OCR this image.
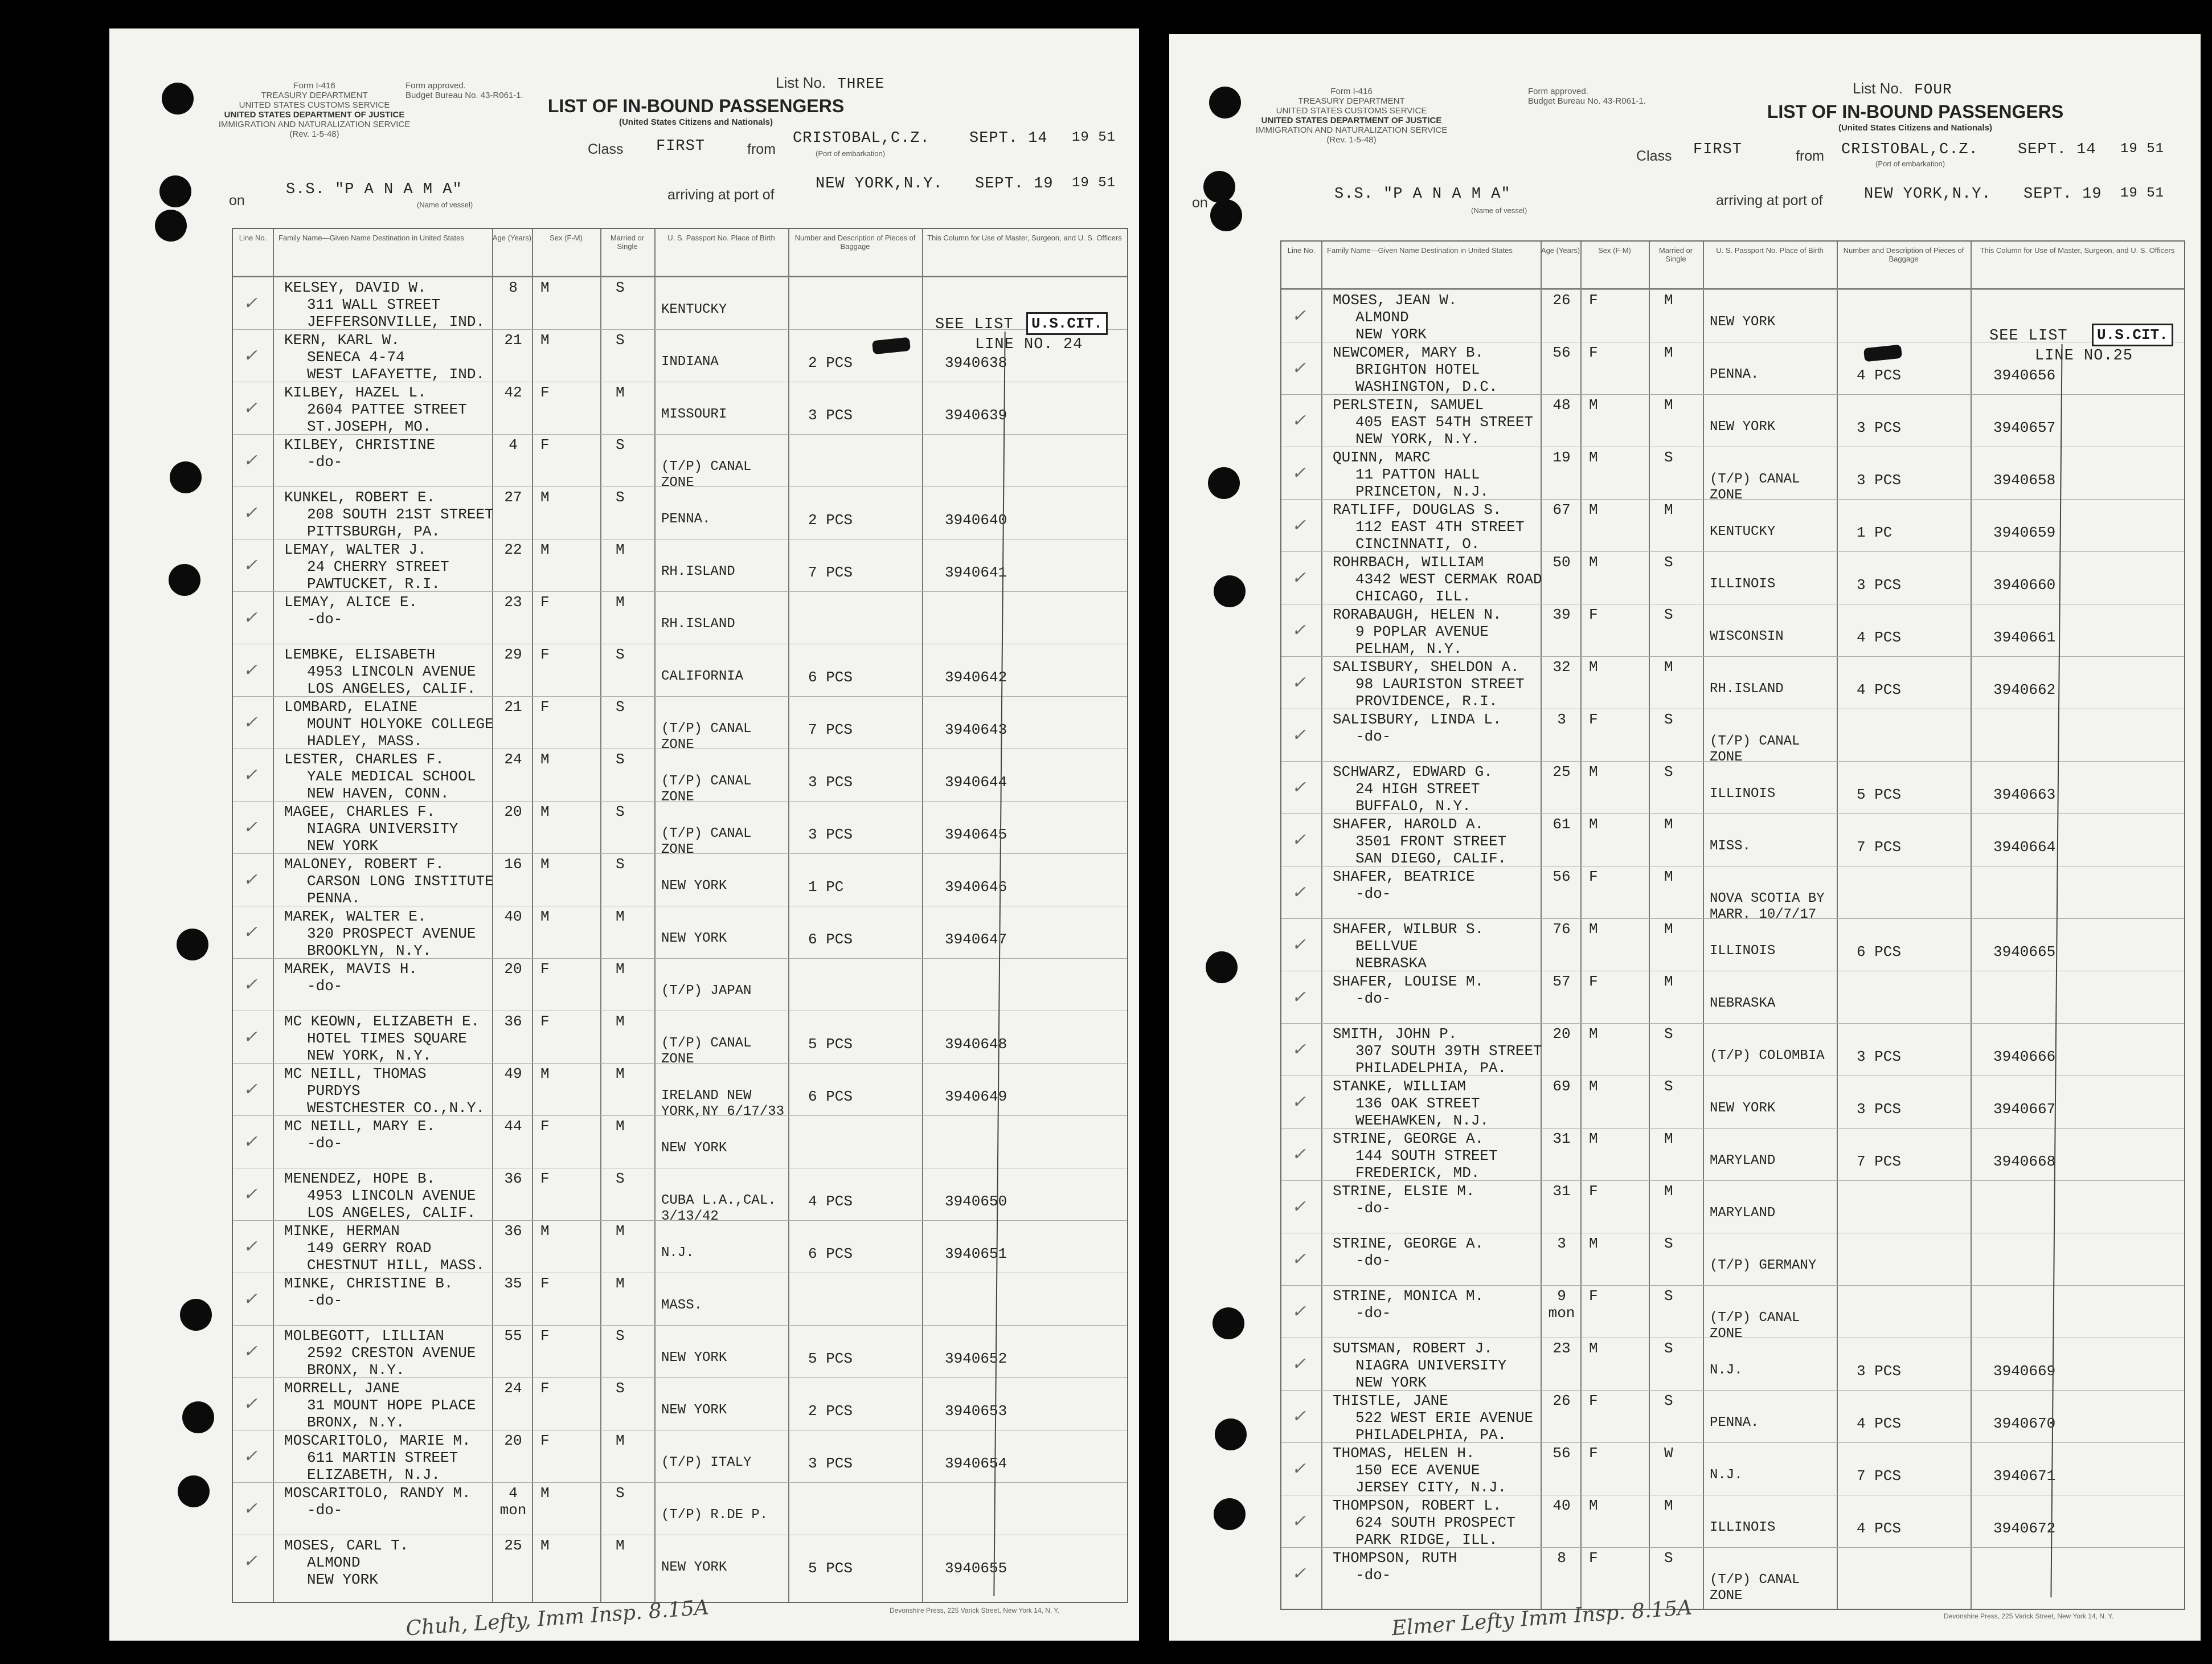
Form I-416
TREASURY DEPARTMENT
UNITED STATES CUSTOMS SERVICE
UNITED STATES DEPARTMENT OF JUSTICE
IMMIGRATION AND NATURALIZATION SERVICE
(Rev. 1-5-48)
Form approved.
Budget Bureau No. 43-R061-1.
List No. THREE
LIST OF IN-BOUND PASSENGERS
(United States Citizens and Nationals)
Class FIRST	from
CRISTOBAL,C.Z.	SEPT. 14 19 51
(Port of embarkation)
on
S.S. "P A N A M A"
(Name of vessel)
arriving at port of
NEW YORK,N.Y. SEPT. 19 19 51
Line No.	Family Name—Given Name Destination in United States	Age (Years)	Sex (F-M)	Married or Single
U. S. Passport No. Place of Birth	Number and Description of Pieces of Baggage
This Column for Use of Master, Surgeon, and U. S. Officers
✓
KELSEY, DAVID W.
311 WALL STREET
JEFFERSONVILLE, IND.
8	M	S
KENTUCKY
✓
KERN, KARL W.
SENECA 4-74
WEST LAFAYETTE, IND.
21	M	S
INDIANA	2 PCS	3940638
✓
KILBEY, HAZEL L.
2604 PATTEE STREET
ST.JOSEPH, MO.
42	F	M
MISSOURI	3 PCS	3940639
✓
KILBEY, CHRISTINE
-do-
4	F	S
(T/P) CANAL ZONE
✓
KUNKEL, ROBERT E.
208 SOUTH 21ST STREET
PITTSBURGH, PA.
27	M	S
PENNA.	2 PCS	3940640
✓
LEMAY, WALTER J.
24 CHERRY STREET
PAWTUCKET, R.I.
22	M	M
RH.ISLAND	7 PCS	3940641
✓
LEMAY, ALICE E.
-do-
23	F	M
RH.ISLAND
✓
LEMBKE, ELISABETH
4953 LINCOLN AVENUE
LOS ANGELES, CALIF.
29	F	S
CALIFORNIA	6 PCS	3940642
✓
LOMBARD, ELAINE
MOUNT HOLYOKE COLLEGE
HADLEY, MASS.
21	F	S
(T/P) CANAL ZONE
7 PCS	3940643
✓
LESTER, CHARLES F.
YALE MEDICAL SCHOOL
NEW HAVEN, CONN.
24	M	S
(T/P) CANAL ZONE
3 PCS	3940644
✓
MAGEE, CHARLES F.
NIAGRA UNIVERSITY
NEW YORK
20	M	S
(T/P) CANAL ZONE
3 PCS	3940645
✓
MALONEY, ROBERT F.
CARSON LONG INSTITUTE
PENNA.
16	M	S
NEW YORK	1 PC	3940646
✓
MAREK, WALTER E.
320 PROSPECT AVENUE
BROOKLYN, N.Y.
40	M	M
NEW YORK	6 PCS	3940647
✓
MAREK, MAVIS H.
-do-
20	F	M
(T/P) JAPAN
✓
MC KEOWN, ELIZABETH E.
HOTEL TIMES SQUARE
NEW YORK, N.Y.
36	F	M
(T/P) CANAL ZONE
5 PCS	3940648
✓
MC NEILL, THOMAS
PURDYS
WESTCHESTER CO.,N.Y.
49	M	M
IRELAND NEW YORK,NY 6/17/33
6 PCS	3940649
✓
MC NEILL, MARY E.
-do-
44	F	M
NEW YORK
✓
MENENDEZ, HOPE B.
4953 LINCOLN AVENUE
LOS ANGELES, CALIF.
36	F	S
CUBA L.A.,CAL. 3/13/42
4 PCS	3940650
✓
MINKE, HERMAN
149 GERRY ROAD
CHESTNUT HILL, MASS.
36	M	M
N.J.	6 PCS	3940651
✓
MINKE, CHRISTINE B.
-do-
35	F	M
MASS.
✓
MOLBEGOTT, LILLIAN
2592 CRESTON AVENUE
BRONX, N.Y.
55	F	S
NEW YORK	5 PCS	3940652
✓
MORRELL, JANE
31 MOUNT HOPE PLACE
BRONX, N.Y.
24	F	S
NEW YORK	2 PCS	3940653
✓
MOSCARITOLO, MARIE M.
611 MARTIN STREET
ELIZABETH, N.J.
20	F	M
(T/P) ITALY	3 PCS	3940654
✓
MOSCARITOLO, RANDY M.
-do-
4 mon
M	S
(T/P) R.DE P.
✓
MOSES, CARL T.
ALMOND
NEW YORK
25	M	M
NEW YORK	5 PCS	3940655
SEE LIST
LINE NO. 24
U.S.CIT.
Chuh, Lefty, Imm Insp. 8.15A	Devonshire Press, 225 Varick Street, New York 14, N. Y.
Form I-416
TREASURY DEPARTMENT
UNITED STATES CUSTOMS SERVICE
UNITED STATES DEPARTMENT OF JUSTICE
IMMIGRATION AND NATURALIZATION SERVICE
(Rev. 1-5-48)
Form approved.
Budget Bureau No. 43-R061-1.
List No. FOUR
LIST OF IN-BOUND PASSENGERS
(United States Citizens and Nationals)
Class FIRST	from CRISTOBAL,C.Z.	SEPT. 14 19 51
(Port of embarkation)
on	S.S. "P A N A M A"
(Name of vessel)
arriving at port of	NEW YORK,N.Y. SEPT. 19 19 51
Line No.	Family Name—Given Name Destination in United States	Age (Years)	Sex (F-M)	Married or Single
U. S. Passport No. Place of Birth	Number and Description of Pieces of Baggage
This Column for Use of Master, Surgeon, and U. S. Officers
✓
MOSES, JEAN W.
ALMOND
NEW YORK
26	F	M
NEW YORK
✓
NEWCOMER, MARY B.
BRIGHTON HOTEL
WASHINGTON, D.C.
56	F	M
PENNA.	4 PCS	3940656
✓
PERLSTEIN, SAMUEL
405 EAST 54TH STREET
NEW YORK, N.Y.
48	M	M
NEW YORK	3 PCS	3940657
✓
QUINN, MARC
11 PATTON HALL
PRINCETON, N.J.
19	M	S
(T/P) CANAL ZONE
3 PCS	3940658
✓
RATLIFF, DOUGLAS S.
112 EAST 4TH STREET
CINCINNATI, O.
67	M	M
KENTUCKY	1 PC	3940659
✓
ROHRBACH, WILLIAM
4342 WEST CERMAK ROAD
CHICAGO, ILL.
50	M	S
ILLINOIS	3 PCS	3940660
✓
RORABAUGH, HELEN N.
9 POPLAR AVENUE
PELHAM, N.Y.
39	F	S
WISCONSIN	4 PCS	3940661
✓
SALISBURY, SHELDON A.
98 LAURISTON STREET
PROVIDENCE, R.I.
32	M	M
RH.ISLAND	4 PCS	3940662
✓
SALISBURY, LINDA L.
-do-
3	F	S
(T/P) CANAL ZONE
✓
SCHWARZ, EDWARD G.
24 HIGH STREET
BUFFALO, N.Y.
25	M	S
ILLINOIS	5 PCS	3940663
✓
SHAFER, HAROLD A.
3501 FRONT STREET
SAN DIEGO, CALIF.
61	M	M
MISS.	7 PCS	3940664
✓
SHAFER, BEATRICE
-do-
56	F	M
NOVA SCOTIA BY MARR. 10/7/17
✓
SHAFER, WILBUR S.
BELLVUE
NEBRASKA
76	M	M
ILLINOIS	6 PCS	3940665
✓
SHAFER, LOUISE M.
-do-
57	F	M
NEBRASKA
✓
SMITH, JOHN P.
307 SOUTH 39TH STREET
PHILADELPHIA, PA.
20	M	S
(T/P) COLOMBIA	3 PCS	3940666
✓
STANKE, WILLIAM
136 OAK STREET
WEEHAWKEN, N.J.
69	M	S
NEW YORK	3 PCS	3940667
✓
STRINE, GEORGE A.
144 SOUTH STREET
FREDERICK, MD.
31	M	M
MARYLAND	7 PCS	3940668
✓
STRINE, ELSIE M.
-do-
31	F	M
MARYLAND
✓
STRINE, GEORGE A.
-do-
3	M	S
(T/P) GERMANY
✓
STRINE, MONICA M.
-do-
9 mon
F	S
(T/P) CANAL ZONE
✓
SUTSMAN, ROBERT J.
NIAGRA UNIVERSITY
NEW YORK
23	M	S
N.J.	3 PCS	3940669
✓
THISTLE, JANE
522 WEST ERIE AVENUE
PHILADELPHIA, PA.
26	F	S
PENNA.	4 PCS	3940670
✓
THOMAS, HELEN H.
150 ECE AVENUE
JERSEY CITY, N.J.
56	F	W
N.J.	7 PCS	3940671
✓
THOMPSON, ROBERT L.
624 SOUTH PROSPECT
PARK RIDGE, ILL.
40	M	M
ILLINOIS	4 PCS	3940672
✓
THOMPSON, RUTH
-do-
8	F	S
(T/P) CANAL ZONE
SEE LIST
LINE NO.25
U.S.CIT.
Elmer Lefty Imm Insp. 8.15A	Devonshire Press, 225 Varick Street, New York 14, N. Y.
